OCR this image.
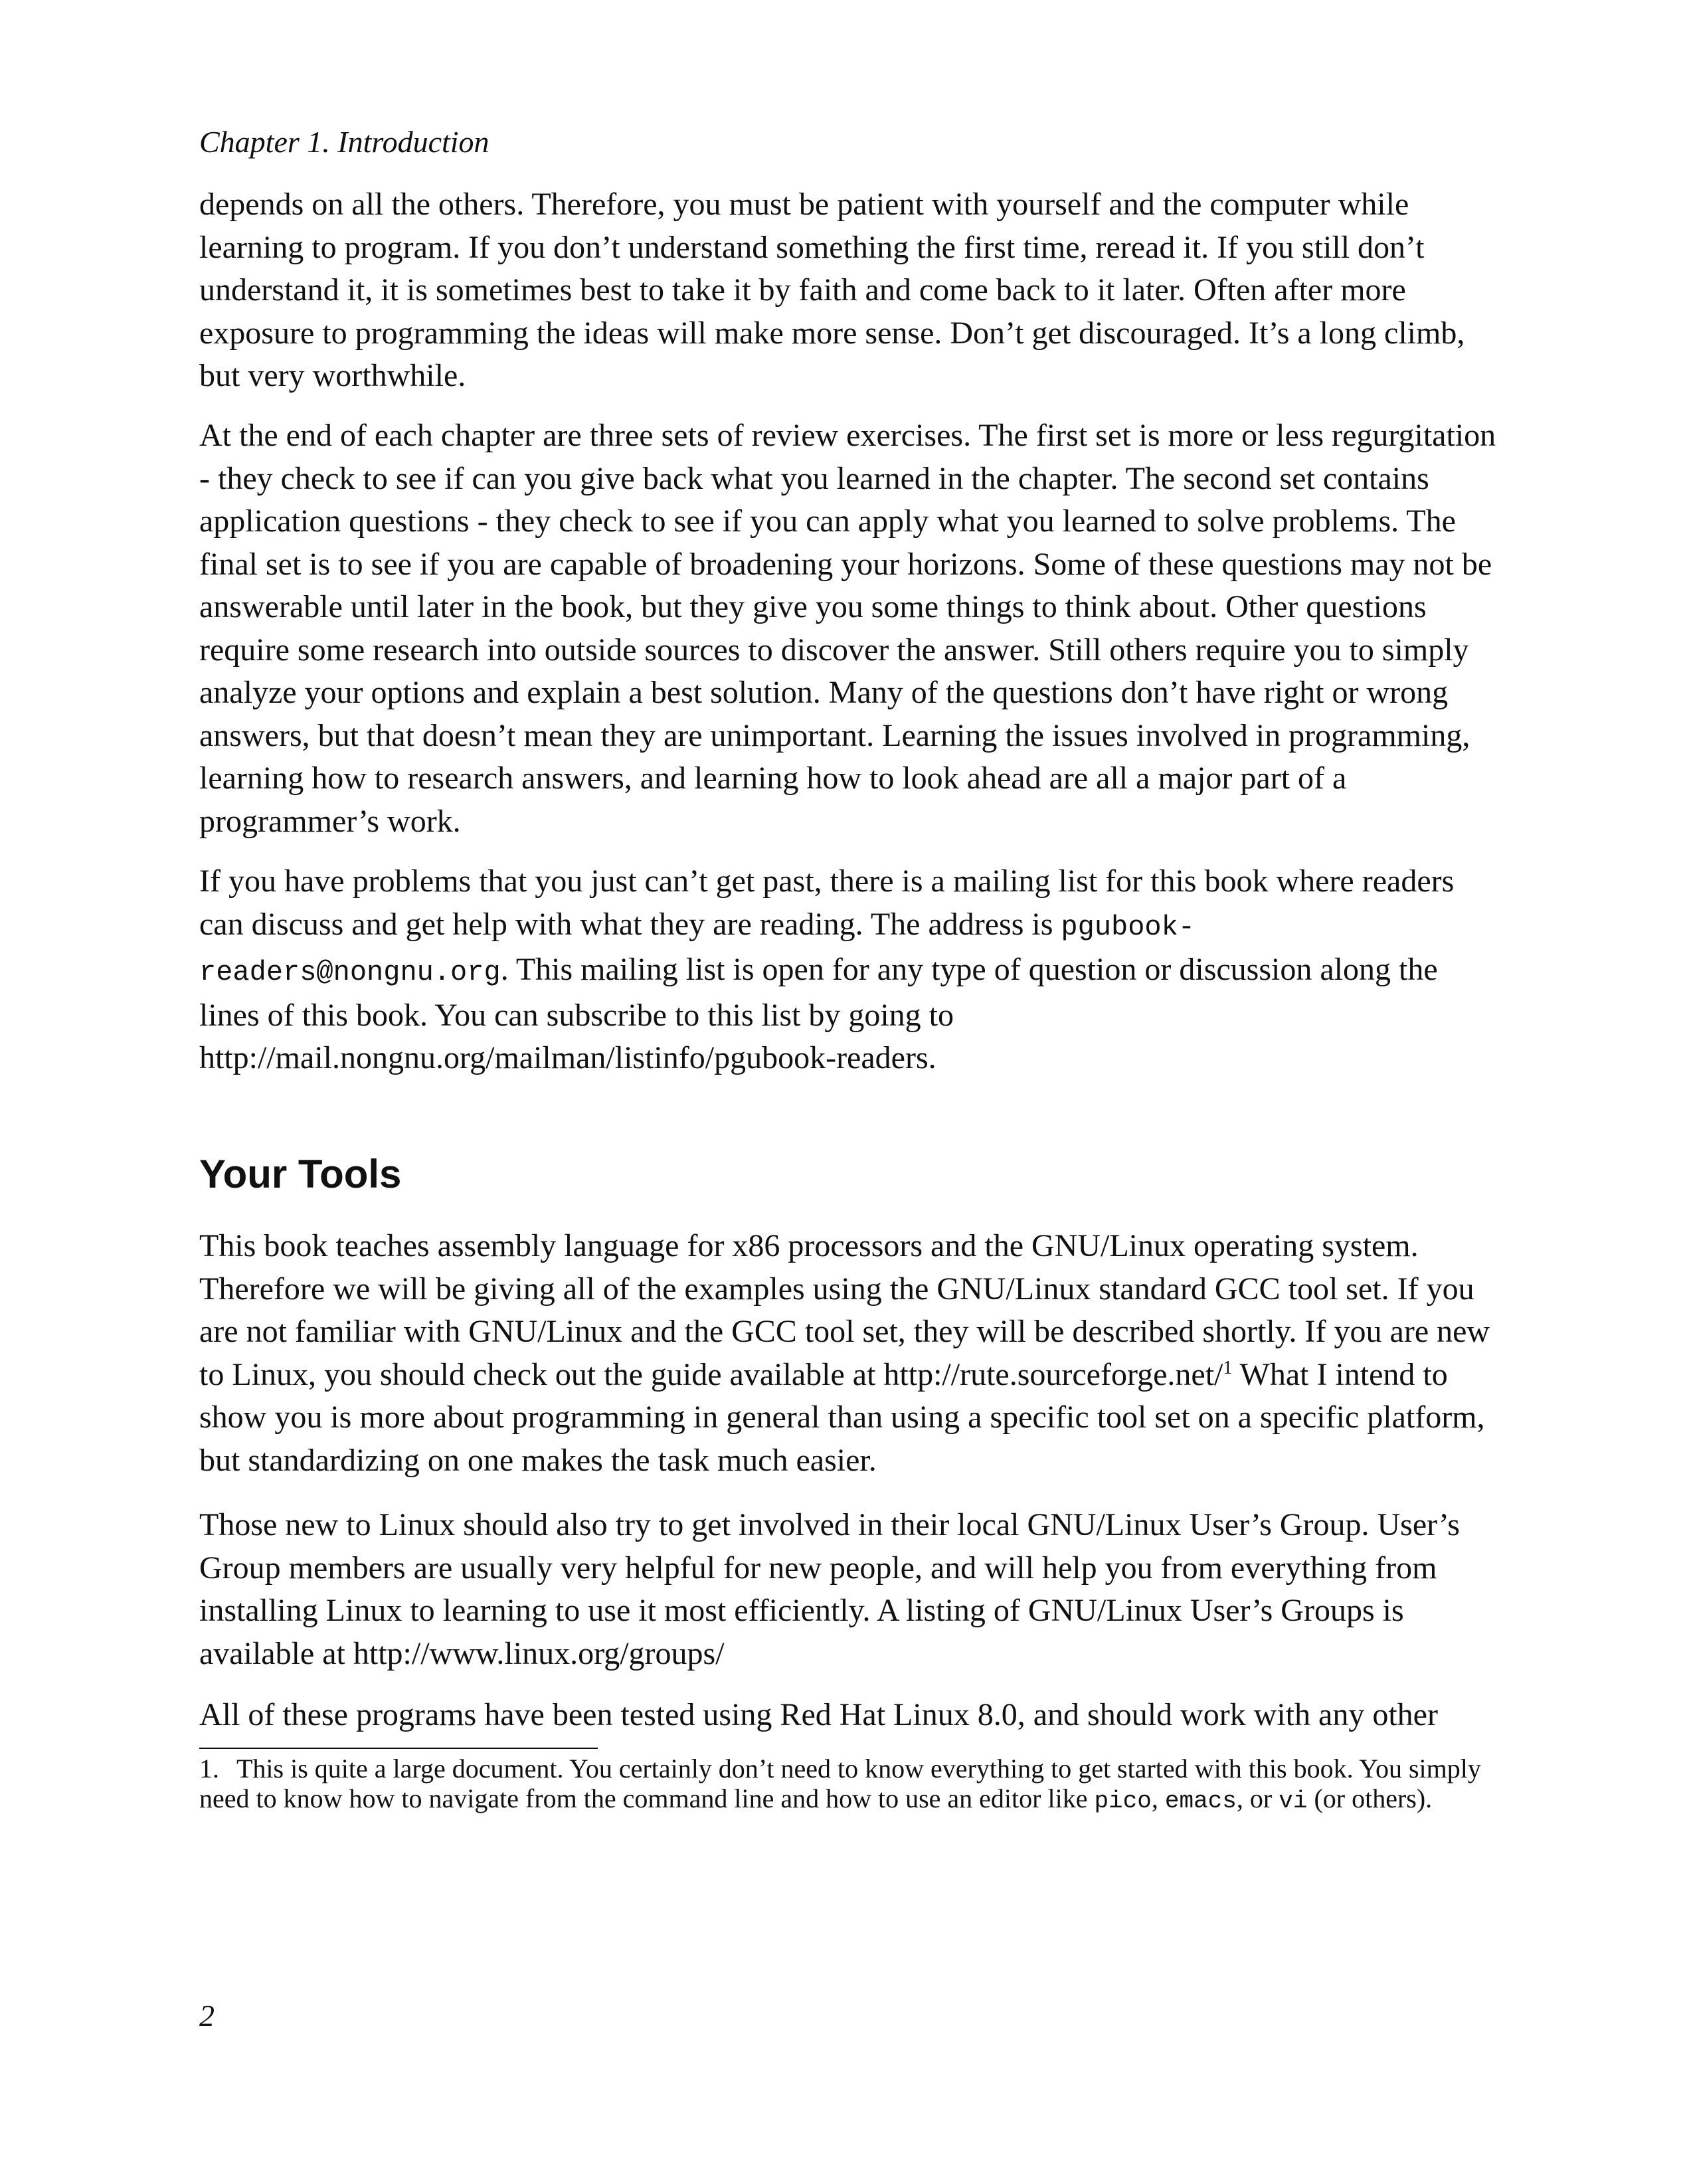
Chapter 1. Introduction

depends on all the others. Therefore, you must be patient with yourself and the computer while learning to program. If you don’t understand something the first time, reread it. If you still don’t understand it, it is sometimes best to take it by faith and come back to it later. Often after more exposure to programming the ideas will make more sense. Don’t get discouraged. It’s a long climb, but very worthwhile.

At the end of each chapter are three sets of review exercises. The first set is more or less regurgitation - they check to see if can you give back what you learned in the chapter. The second set contains application questions - they check to see if you can apply what you learned to solve problems. The final set is to see if you are capable of broadening your horizons. Some of these questions may not be answerable until later in the book, but they give you some things to think about. Other questions require some research into outside sources to discover the answer. Still others require you to simply analyze your options and explain a best solution. Many of the questions don’t have right or wrong answers, but that doesn’t mean they are unimportant. Learning the issues involved in programming, learning how to research answers, and learning how to look ahead are all a major part of a programmer’s work.

If you have problems that you just can’t get past, there is a mailing list for this book where readers can discuss and get help with what they are reading. The address is pgubook-readers@nongnu.org. This mailing list is open for any type of question or discussion along the lines of this book. You can subscribe to this list by going to http://mail.nongnu.org/mailman/listinfo/pgubook-readers.

Your Tools

This book teaches assembly language for x86 processors and the GNU/Linux operating system. Therefore we will be giving all of the examples using the GNU/Linux standard GCC tool set. If you are not familiar with GNU/Linux and the GCC tool set, they will be described shortly. If you are new to Linux, you should check out the guide available at http://rute.sourceforge.net/$^1$ What I intend to show you is more about programming in general than using a specific tool set on a specific platform, but standardizing on one makes the task much easier.

Those new to Linux should also try to get involved in their local GNU/Linux User’s Group. User’s Group members are usually very helpful for new people, and will help you from everything from installing Linux to learning to use it most efficiently. A listing of GNU/Linux User’s Groups is available at http://www.linux.org/groups/

All of these programs have been tested using Red Hat Linux 8.0, and should work with any other

1. This is quite a large document. You certainly don’t need to know everything to get started with this book. You simply need to know how to navigate from the command line and how to use an editor like pico, emacs, or vi (or others).

2
